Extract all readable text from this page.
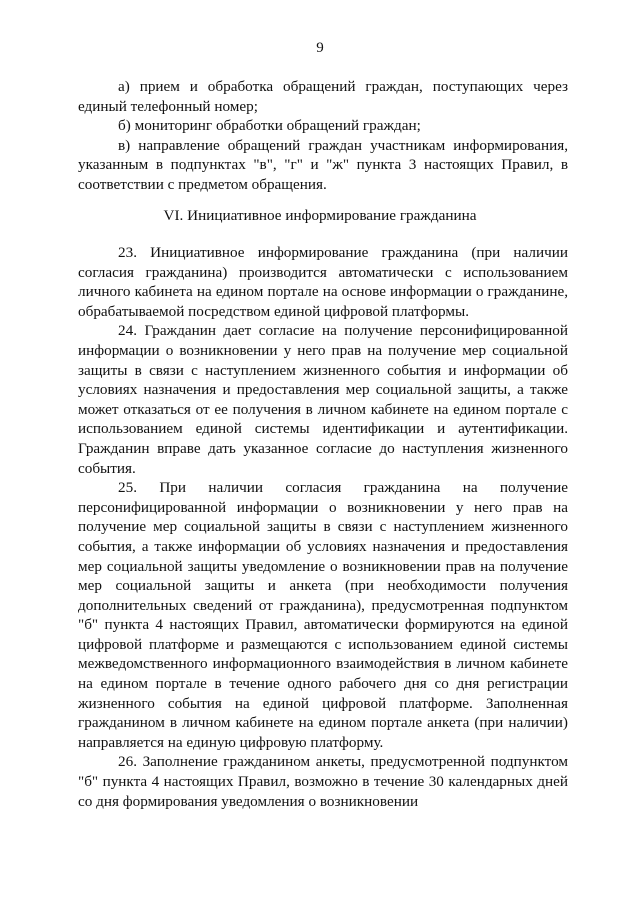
9

а) прием и обработка обращений граждан, поступающих через единый телефонный номер;

б) мониторинг обработки обращений граждан;

в) направление обращений граждан участникам информирования, указанным в подпунктах "в", "г" и "ж" пункта 3 настоящих Правил, в соответствии с предметом обращения.

VI. Инициативное информирование гражданина

23. Инициативное информирование гражданина (при наличии согласия гражданина) производится автоматически с использованием личного кабинета на едином портале на основе информации о гражданине, обрабатываемой посредством единой цифровой платформы.

24. Гражданин дает согласие на получение персонифицированной информации о возникновении у него прав на получение мер социальной защиты в связи с наступлением жизненного события и информации об условиях назначения и предоставления мер социальной защиты, а также может отказаться от ее получения в личном кабинете на едином портале с использованием единой системы идентификации и аутентификации. Гражданин вправе дать указанное согласие до наступления жизненного события.

25. При наличии согласия гражданина на получение персонифицированной информации о возникновении у него прав на получение мер социальной защиты в связи с наступлением жизненного события, а также информации об условиях назначения и предоставления мер социальной защиты уведомление о возникновении прав на получение мер социальной защиты и анкета (при необходимости получения дополнительных сведений от гражданина), предусмотренная подпунктом "б" пункта 4 настоящих Правил, автоматически формируются на единой цифровой платформе и размещаются с использованием единой системы межведомственного информационного взаимодействия в личном кабинете на едином портале в течение одного рабочего дня со дня регистрации жизненного события на единой цифровой платформе. Заполненная гражданином в личном кабинете на едином портале анкета (при наличии) направляется на единую цифровую платформу.

26. Заполнение гражданином анкеты, предусмотренной подпунктом "б" пункта 4 настоящих Правил, возможно в течение 30 календарных дней со дня формирования уведомления о возникновении
